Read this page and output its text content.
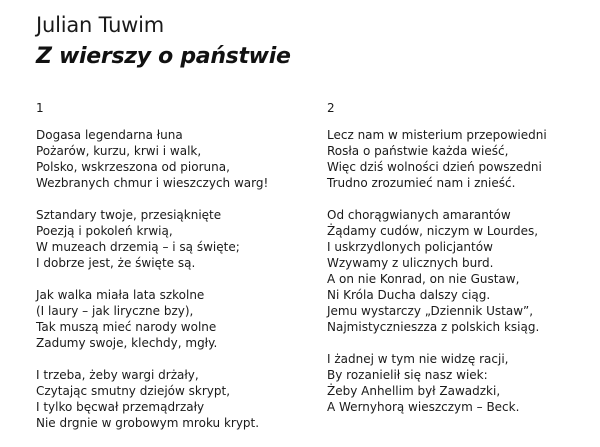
Julian Tuwim
Z wierszy o państwie
1
Dogasa legendarna łuna
Pożarów, kurzu, krwi i walk,
Polsko, wskrzeszona od pioruna,
Wezbranych chmur i wieszczych warg!
Sztandary twoje, przesiąknięte
Poezją i pokoleń krwią,
W muzeach drzemią – i są święte;
I dobrze jest, że święte są.
Jak walka miała lata szkolne
(I laury – jak liryczne bzy),
Tak muszą mieć narody wolne
Zadumy swoje, klechdy, mgły.
I trzeba, żeby wargi drżały,
Czytając smutny dziejów skrypt,
I tylko bęcwał przemądrzały
Nie drgnie w grobowym mroku krypt.
2
Lecz nam w misterium przepowiedni
Rosła o państwie każda wieść,
Więc dziś wolności dzień powszedni
Trudno zrozumieć nam i znieść.
Od chorągwianych amarantów
Żądamy cudów, niczym w Lourdes,
I uskrzydlonych policjantów
Wzywamy z ulicznych burd.
A on nie Konrad, on nie Gustaw,
Ni Króla Ducha dalszy ciąg.
Jemu wystarczy „Dziennik Ustaw”,
Najmistycznieszza z polskich ksiąg.
I żadnej w tym nie widzę racji,
By rozanielił się nasz wiek:
Żeby Anhellim był Zawadzki,
A Wernyhorą wieszczym – Beck.
